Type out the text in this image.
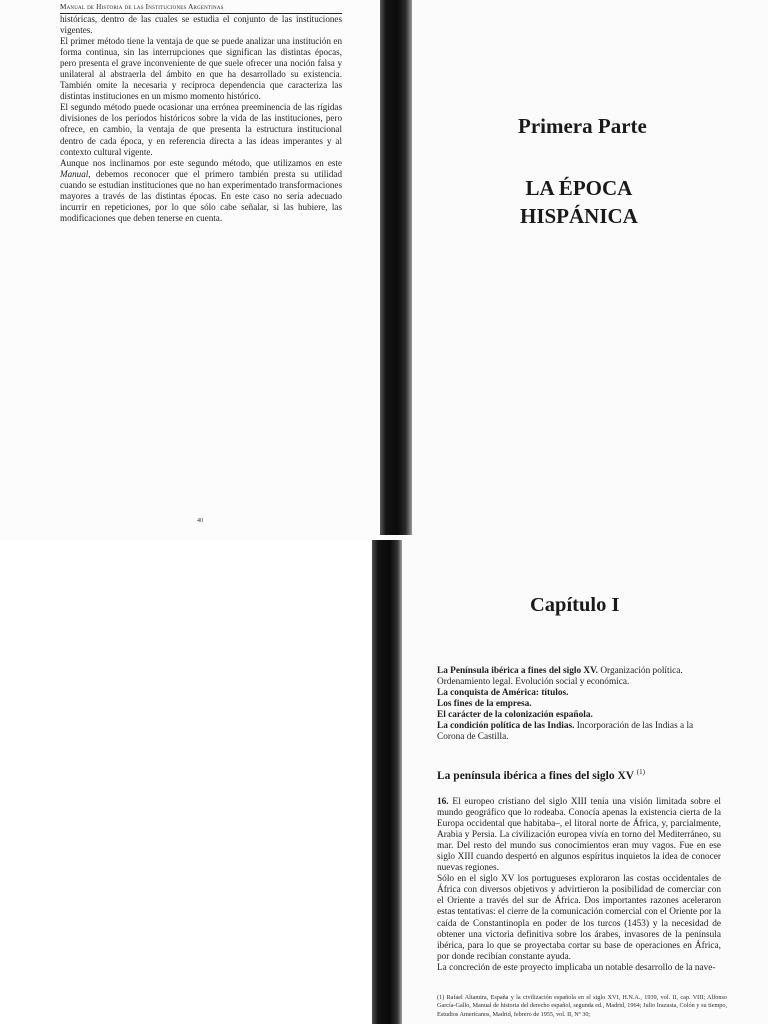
Manual de Historia de las Instituciones Argentinas

históricas, dentro de las cuales se estudia el conjunto de las instituciones vigentes.

El primer método tiene la ventaja de que se puede analizar una institución en forma continua, sin las interrupciones que significan las distintas épocas, pero presenta el grave inconveniente de que suele ofrecer una noción falsa y unilateral al abstraerla del ámbito en que ha desarrollado su existencia. También omite la necesaria y recíproca dependencia que caracteriza las distintas instituciones en un mismo momento histórico.

El segundo método puede ocasionar una errónea preeminencia de las rígidas divisiones de los períodos históricos sobre la vida de las instituciones, pero ofrece, en cambio, la ventaja de que presenta la estructura institucional dentro de cada época, y en referencia directa a las ideas imperantes y al contexto cultural vigente.

Aunque nos inclinamos por este segundo método, que utilizamos en este Manual, debemos reconocer que el primero también presta su utilidad cuando se estudian instituciones que no han experimentado transformaciones mayores a través de las distintas épocas. En este caso no sería adecuado incurrir en repeticiones, por lo que sólo cabe señalar, si las hubiere, las modificaciones que deben tenerse en cuenta.

40
Primera Parte
LA ÉPOCA
HISPÁNICA
Capítulo I
La Península ibérica a fines del siglo XV. Organización política. Ordenamiento legal. Evolución social y económica.
La conquista de América: títulos.
Los fines de la empresa.
El carácter de la colonización española.
La condición política de las Indias. Incorporación de las Indias a la Corona de Castilla.
La península ibérica a fines del siglo XV $^{(1)}$

16. El europeo cristiano del siglo XIII tenía una visión limitada sobre el mundo geográfico que lo rodeaba. Conocía apenas la existencia cierta de la Europa occidental que habitaba–, el litoral norte de África, y, parcialmente, Arabia y Persia. La civilización europea vivía en torno del Mediterráneo, su mar. Del resto del mundo sus conocimientos eran muy vagos. Fue en ese siglo XIII cuando despertó en algunos espíritus inquietos la idea de conocer nuevas regiones.

Sólo en el siglo XV los portugueses exploraron las costas occidentales de África con diversos objetivos y advirtieron la posibilidad de comerciar con el Oriente a través del sur de África. Dos importantes razones aceleraron estas tentativas: el cierre de la comunicación comercial con el Oriente por la caída de Constantinopla en poder de los turcos (1453) y la necesidad de obtener una victoria definitiva sobre los árabes, invasores de la península ibérica, para lo que se proyectaba cortar su base de operaciones en África, por donde recibían constante ayuda.

La concreción de este proyecto implicaba un notable desarrollo de la nave-

(1) Rafael Altamira, España y la civilización española en el siglo XVI, H.N.A., 1939, vol. II, cap. VIII; Alfonso García-Gallo, Manual de historia del derecho español, segunda ed., Madrid, 1964; Julio Irazusta, Colón y su tiempo, Estudios Americanos, Madrid, febrero de 1955, vol. II, Nº 30;
